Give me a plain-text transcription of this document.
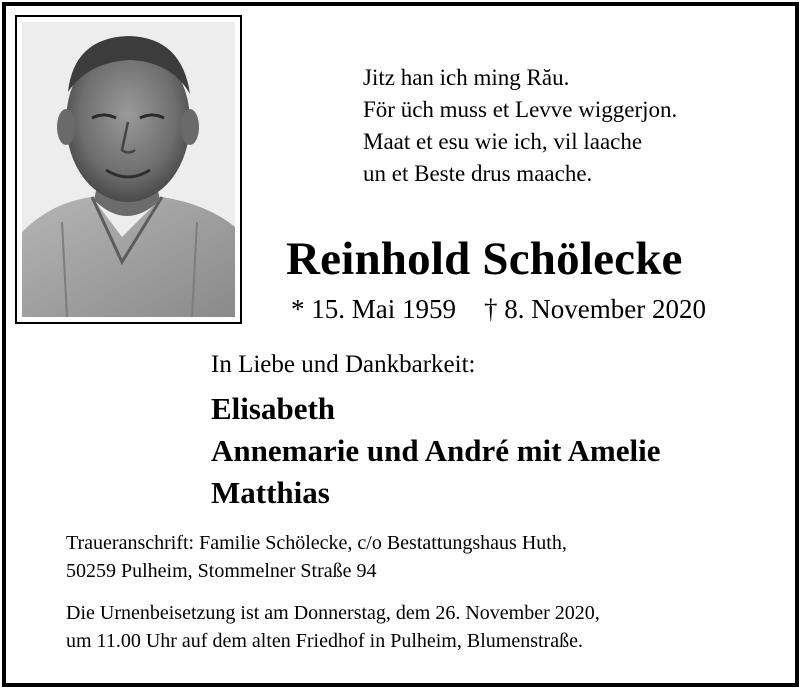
Jitz han ich ming Rău.
För üch muss et Levve wiggerjon.
Maat et esu wie ich, vil laache
un et Beste drus maache.
Reinhold Schölecke
* 15. Mai 1959 † 8. November 2020
In Liebe und Dankbarkeit:
Elisabeth
Annemarie und André mit Amelie
Matthias
Traueranschrift: Familie Schölecke, c/o Bestattungshaus Huth,
50259 Pulheim, Stommelner Straße 94
Die Urnenbeisetzung ist am Donnerstag, dem 26. November 2020,
um 11.00 Uhr auf dem alten Friedhof in Pulheim, Blumenstraße.
